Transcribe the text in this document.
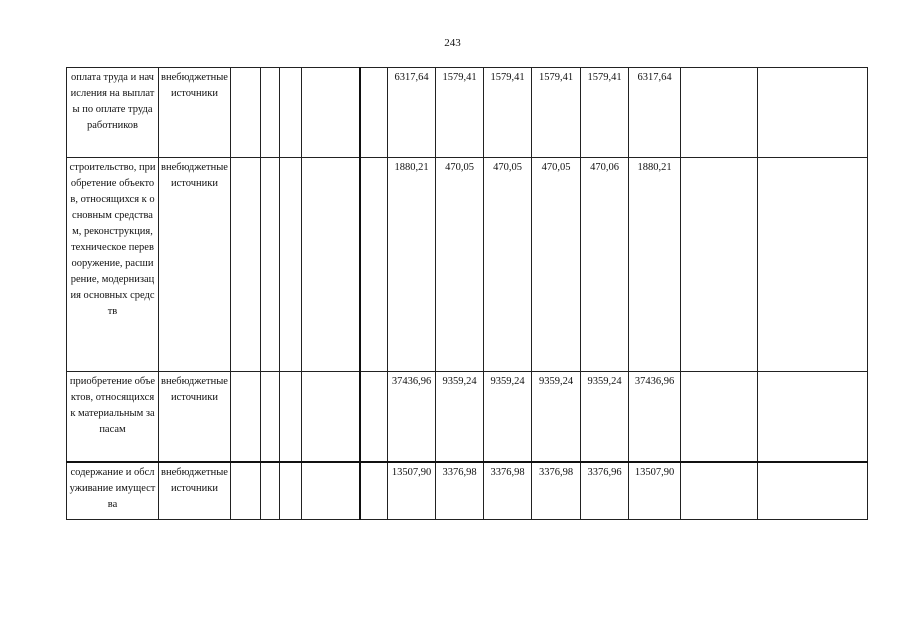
243
оплата труда и начисления на выплаты по оплате труда работников	внебюджетные источники						6317,64	1579,41	1579,41	1579,41	1579,41	6317,64		
строительство, приобретение объектов, относящихся к основным средствам, реконструкция, техническое перевооружение, расширение, модернизация основных средств	внебюджетные источники						1880,21	470,05	470,05	470,05	470,06	1880,21		
приобретение объектов, относящихся к материальным запасам	внебюджетные источники						37436,96	9359,24	9359,24	9359,24	9359,24	37436,96		
содержание и обслуживание имущества	внебюджетные источники						13507,90	3376,98	3376,98	3376,98	3376,96	13507,90		
